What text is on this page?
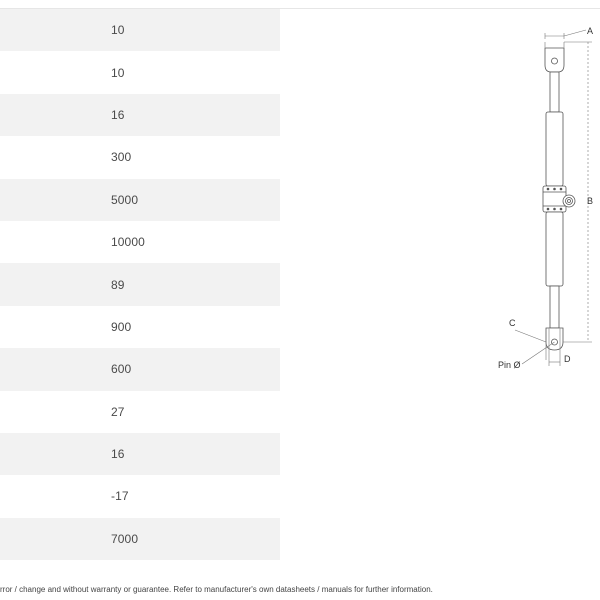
10
10
16
300
5000
10000
89
900
600
27
16
-17
7000
A
B
C
D
Pin Ø
rror / change and without warranty or guarantee. Refer to manufacturer's own datasheets / manuals for further information.
